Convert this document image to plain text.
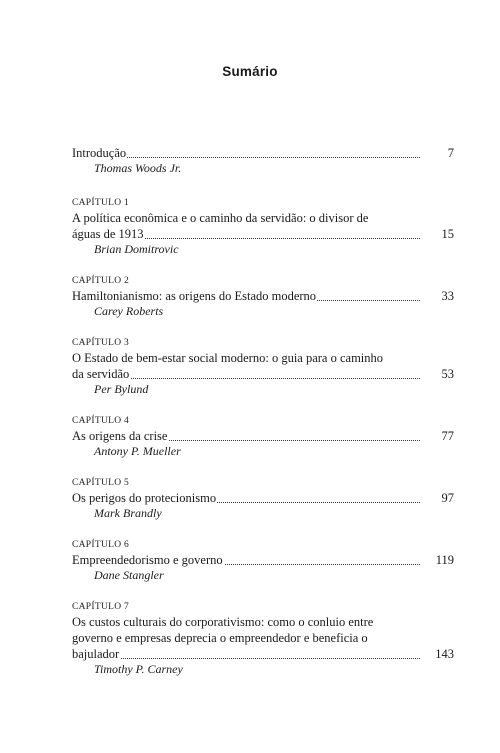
Sumário
Introdução	7
Thomas Woods Jr.
CAPÍTULO 1
A política econômica e o caminho da servidão: o divisor de
águas de 1913	15
Brian Domitrovic
CAPÍTULO 2
Hamiltonianismo: as origens do Estado moderno	33
Carey Roberts
CAPÍTULO 3
O Estado de bem-estar social moderno: o guia para o caminho
da servidão	53
Per Bylund
CAPÍTULO 4
As origens da crise	77
Antony P. Mueller
CAPÍTULO 5
Os perigos do protecionismo	97
Mark Brandly
CAPÍTULO 6
Empreendedorismo e governo	119
Dane Stangler
CAPÍTULO 7
Os custos culturais do corporativismo: como o conluio entre
governo e empresas deprecia o empreendedor e beneficia o
bajulador	143
Timothy P. Carney
